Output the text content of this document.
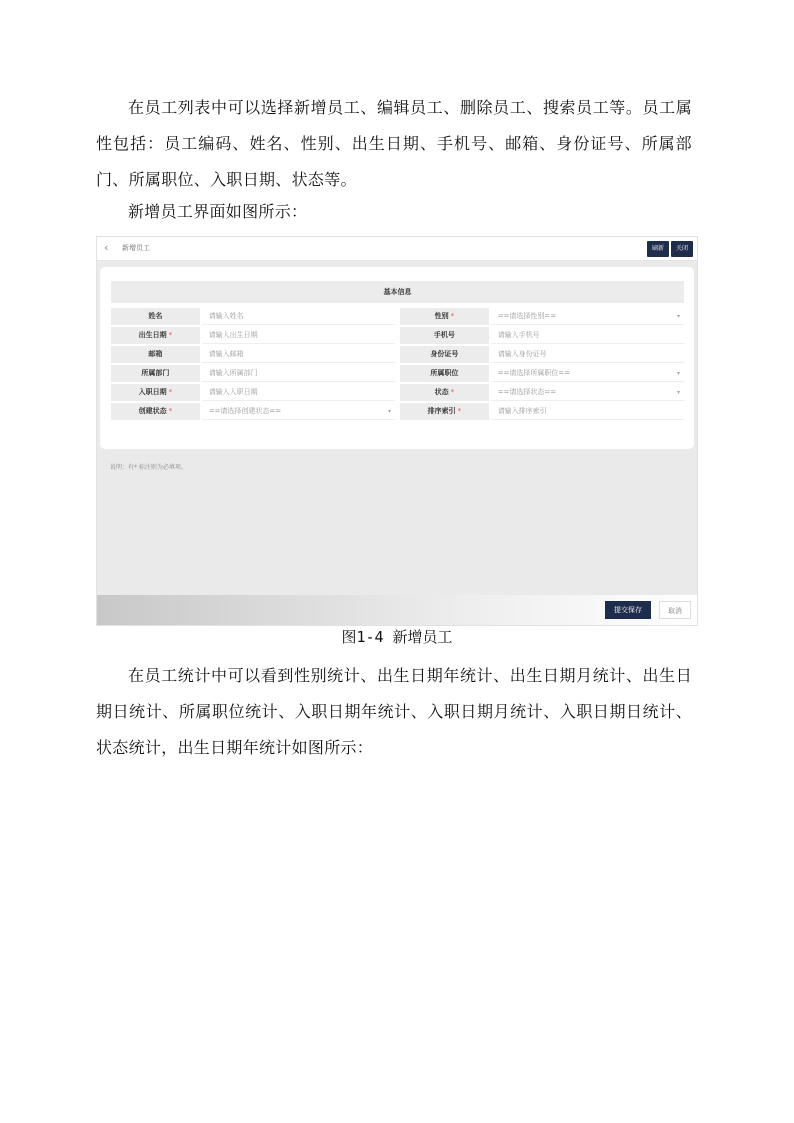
在员工列表中可以选择新增员工、编辑员工、删除员工、搜索员工等。员工属性包括：员工编码、姓名、性别、出生日期、手机号、邮箱、身份证号、所属部门、所属职位、入职日期、状态等。

新增员工界面如图所示：

‹ 新增员工	刷新	关闭
基本信息
姓名	请输入姓名	性别 *	==请选择性别==	▾
出生日期 *	请输入出生日期	手机号	请输入手机号
邮箱	请输入邮箱	身份证号	请输入身份证号
所属部门	请输入所属部门	所属职位	==请选择所属职位==	▾
入职日期 *	请输入入职日期	状态 *	==请选择状态==	▾
创建状态 *	==请选择创建状态==	▾	排序索引 *	请输入排序索引
说明：有* 标注则为必填项。
提交保存	取消
图1-4 新增员工

在员工统计中可以看到性别统计、出生日期年统计、出生日期月统计、出生日期日统计、所属职位统计、入职日期年统计、入职日期月统计、入职日期日统计、状态统计，出生日期年统计如图所示：
